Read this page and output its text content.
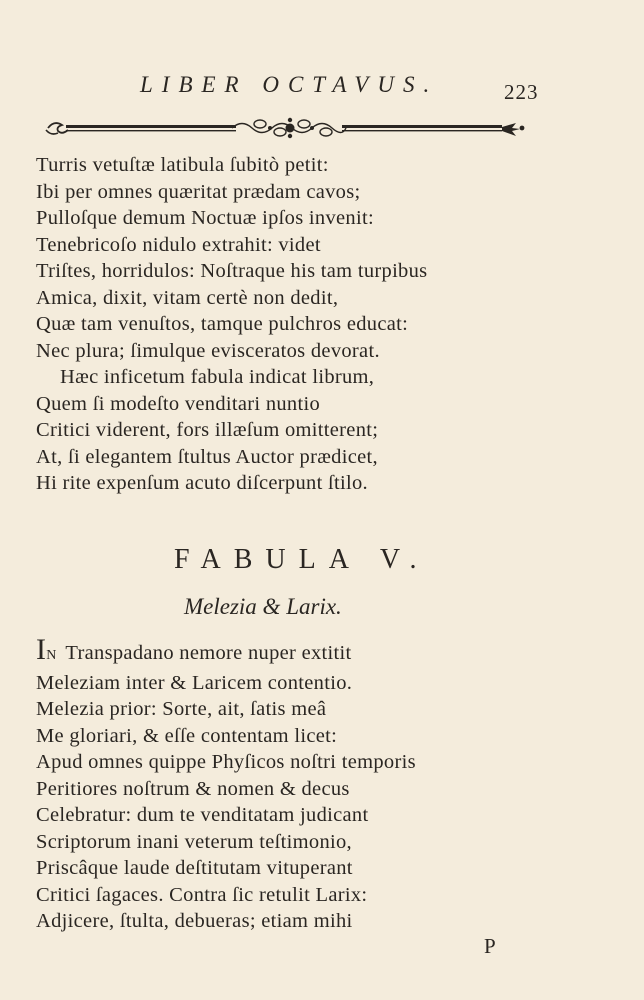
LIBER OCTAVUS.	223
Turris vetuſtæ latibula ſubitò petit:
Ibi per omnes quæritat prædam cavos;
Pulloſque demum Noctuæ ipſos invenit:
Tenebricoſo nidulo extrahit: videt
Triſtes, horridulos: Noſtraque his tam turpibus
Amica, dixit, vitam certè non dedit,
Quæ tam venuſtos, tamque pulchros educat:
Nec plura; ſimulque evisceratos devorat.
Hæc inficetum fabula indicat librum,
Quem ſi modeſto venditari nuntio
Critici viderent, fors illæſum omitterent;
At, ſi elegantem ſtultus Auctor prædicet,
Hi rite expenſum acuto diſcerpunt ſtilo.
FABULA V.
Melezia & Larix.
IN Transpadano nemore nuper extitit
Meleziam inter & Laricem contentio.
Melezia prior: Sorte, ait, ſatis meâ
Me gloriari, & eſſe contentam licet:
Apud omnes quippe Phyſicos noſtri temporis
Peritiores noſtrum & nomen & decus
Celebratur: dum te venditatam judicant
Scriptorum inani veterum teſtimonio,
Priscâque laude deſtitutam vituperant
Critici ſagaces. Contra ſic retulit Larix:
Adjicere, ſtulta, debueras; etiam mihi
P
